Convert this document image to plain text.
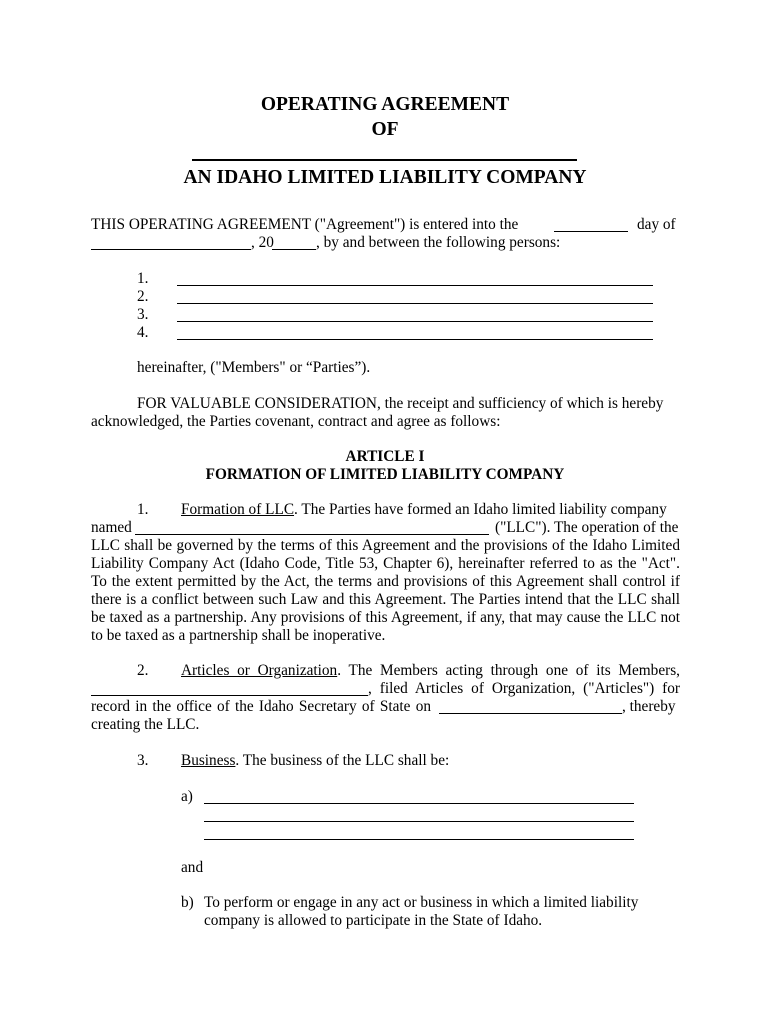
OPERATING AGREEMENT
OF
AN IDAHO LIMITED LIABILITY COMPANY
THIS OPERATING AGREEMENT ("Agreement") is entered into the	day of
, 20	, by and between the following persons:
1.
2.
3.
4.
hereinafter, ("Members" or “Parties”).
FOR VALUABLE CONSIDERATION, the receipt and sufficiency of which is hereby
acknowledged, the Parties covenant, contract and agree as follows:
ARTICLE I
FORMATION OF LIMITED LIABILITY COMPANY
1. Formation of LLC. The Parties have formed an Idaho limited liability company
named	("LLC"). The operation of the
LLC shall be governed by the terms of this Agreement and the provisions of the Idaho Limited
Liability Company Act (Idaho Code, Title 53, Chapter 6), hereinafter referred to as the "Act".
To the extent permitted by the Act, the terms and provisions of this Agreement shall control if
there is a conflict between such Law and this Agreement. The Parties intend that the LLC shall
be taxed as a partnership. Any provisions of this Agreement, if any, that may cause the LLC not
to be taxed as a partnership shall be inoperative.
2. Articles or Organization. The Members acting through one of its Members,
, filed Articles of Organization, ("Articles") for
record in the office of the Idaho Secretary of State on	, thereby
creating the LLC.
3. Business. The business of the LLC shall be:
a)
and
b) To perform or engage in any act or business in which a limited liability
company is allowed to participate in the State of Idaho.
